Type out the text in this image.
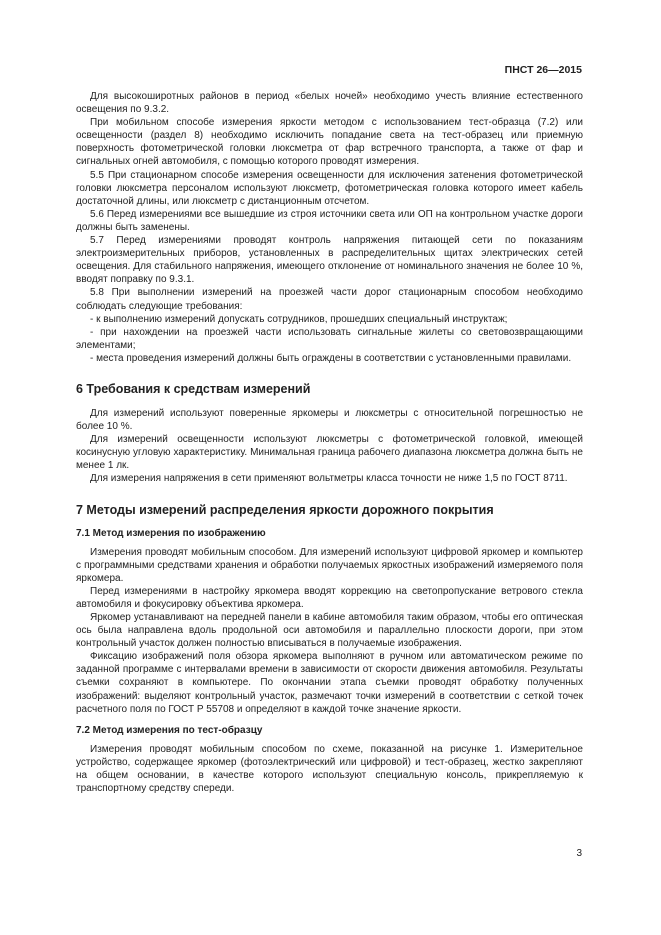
ПНСТ 26—2015

Для высокоширотных районов в период «белых ночей» необходимо учесть влияние естественного освещения по 9.3.2.

При мобильном способе измерения яркости методом с использованием тест-образца (7.2) или освещенности (раздел 8) необходимо исключить попадание света на тест-образец или приемную поверхность фотометрической головки люксметра от фар встречного транспорта, а также от фар и сигнальных огней автомобиля, с помощью которого проводят измерения.

5.5 При стационарном способе измерения освещенности для исключения затенения фотометрической головки люксметра персоналом используют люксметр, фотометрическая головка которого имеет кабель достаточной длины, или люксметр с дистанционным отсчетом.

5.6 Перед измерениями все вышедшие из строя источники света или ОП на контрольном участке дороги должны быть заменены.

5.7 Перед измерениями проводят контроль напряжения питающей сети по показаниям электроизмерительных приборов, установленных в распределительных щитах электрических сетей освещения. Для стабильного напряжения, имеющего отклонение от номинального значения не более 10 %, вводят поправку по 9.3.1.

5.8 При выполнении измерений на проезжей части дорог стационарным способом необходимо соблюдать следующие требования:

- к выполнению измерений допускать сотрудников, прошедших специальный инструктаж;

- при нахождении на проезжей части использовать сигнальные жилеты со световозвращающими элементами;

- места проведения измерений должны быть ограждены в соответствии с установленными правилами.

6 Требования к средствам измерений

Для измерений используют поверенные яркомеры и люксметры с относительной погрешностью не более 10 %.

Для измерений освещенности используют люксметры с фотометрической головкой, имеющей косинусную угловую характеристику. Минимальная граница рабочего диапазона люксметра должна быть не менее 1 лк.

Для измерения напряжения в сети применяют вольтметры класса точности не ниже 1,5 по ГОСТ 8711.

7 Методы измерений распределения яркости дорожного покрытия
7.1 Метод измерения по изображению

Измерения проводят мобильным способом. Для измерений используют цифровой яркомер и компьютер с программными средствами хранения и обработки получаемых яркостных изображений измеряемого поля яркомера.

Перед измерениями в настройку яркомера вводят коррекцию на светопропускание ветрового стекла автомобиля и фокусировку объектива яркомера.

Яркомер устанавливают на передней панели в кабине автомобиля таким образом, чтобы его оптическая ось была направлена вдоль продольной оси автомобиля и параллельно плоскости дороги, при этом контрольный участок должен полностью вписываться в получаемые изображения.

Фиксацию изображений поля обзора яркомера выполняют в ручном или автоматическом режиме по заданной программе с интервалами времени в зависимости от скорости движения автомобиля. Результаты съемки сохраняют в компьютере. По окончании этапа съемки проводят обработку полученных изображений: выделяют контрольный участок, размечают точки измерений в соответствии с сеткой точек расчетного поля по ГОСТ Р 55708 и определяют в каждой точке значение яркости.

7.2 Метод измерения по тест-образцу

Измерения проводят мобильным способом по схеме, показанной на рисунке 1. Измерительное устройство, содержащее яркомер (фотоэлектрический или цифровой) и тест-образец, жестко закрепляют на общем основании, в качестве которого используют специальную консоль, прикрепляемую к транспортному средству спереди.

3
